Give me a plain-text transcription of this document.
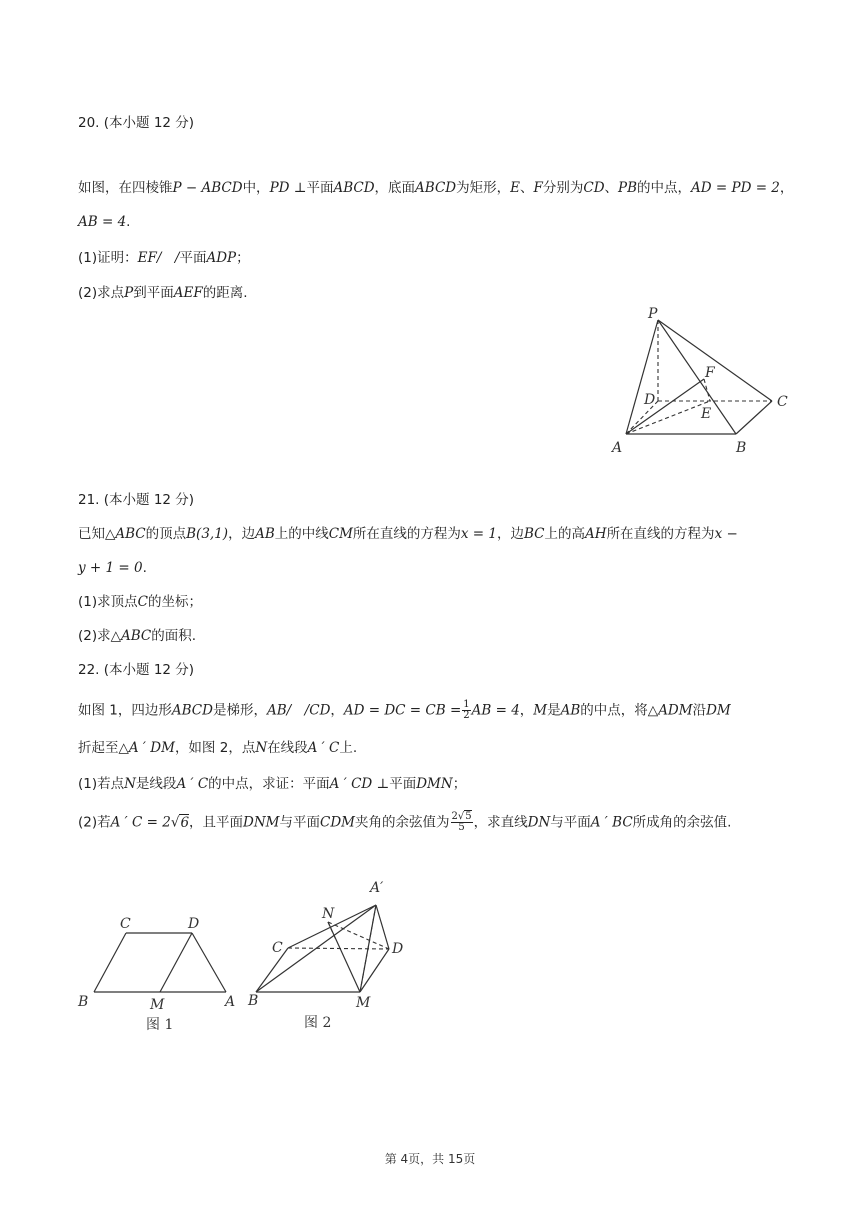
20. (本小题 12 分)
如图，在四棱锥P − ABCD中，PD ⊥平面ABCD，底面ABCD为矩形，E、F分别为CD、PB的中点，AD = PD = 2，
AB = 4.
(1)证明：EF/　/平面ADP；
(2)求点P到平面AEF的距离.
P
F
D
E
C
A	B
21. (本小题 12 分)
已知△ABC的顶点B(3,1)，边AB上的中线CM所在直线的方程为x = 1，边BC上的高AH所在直线的方程为x −
y + 1 = 0.
(1)求顶点C的坐标；
(2)求△ABC的面积.
22. (本小题 12 分)
如图 1，四边形ABCD是梯形，AB/　/CD，AD = DC = CB = $\frac{1}{2}$ AB = 4，M是AB的中点，将△ADM沿DM
折起至△A ′ DM，如图 2，点N在线段A ′ C上.
(1)若点N是线段A ′ C的中点，求证：平面A ′ CD ⊥平面DMN；
(2)若A ′ C = 2√6，且平面DNM与平面CDM夹角的余弦值为 $\frac{2√5}{5}$ ，求直线DN与平面A ′ BC所成角的余弦值.
C	D
B	M	A
图 1
A′
N
C	D
B	M
图 2
第 4页，共 15页
